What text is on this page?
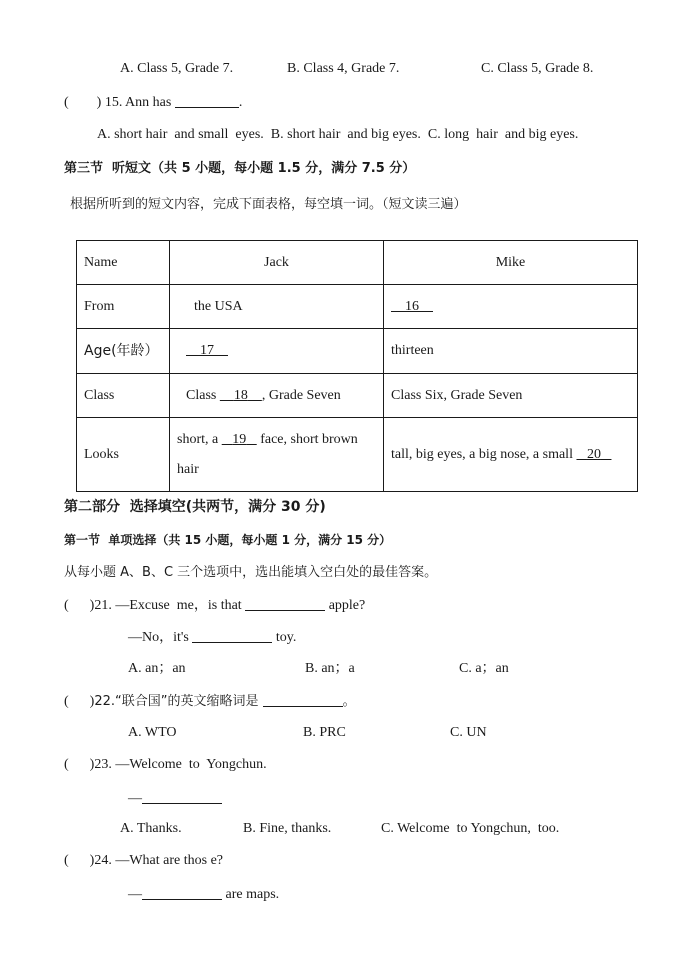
A. Class 5, Grade 7.	B. Class 4, Grade 7.	C. Class 5, Grade 8.
(        ) 15. Ann has	.
A. short hair  and small  eyes.  B. short hair  and big eyes.  C. long  hair  and big eyes.
第三节  听短文（共 5 小题，每小题 1.5 分，满分 7.5 分）
根据所听到的短文内容，完成下面表格，每空填一词。（短文读三遍）
Name	Jack	Mike
From	the USA	16
Age(年龄）	17	thirteen
Class	Class     18 , Grade Seven	Class Six, Grade Seven
Looks	short, a    19    face, short brown hair	tall, big eyes, a big nose, a small    20
第二部分  选择填空(共两节，满分 30 分)
第一节  单项选择（共 15 小题，每小题 1 分，满分 15 分）
从每小题 A、B、C 三个选项中，选出能填入空白处的最佳答案。
(      )21. —Excuse  me，is that	apple?
—No，it's	toy.
A. an；an	B. an；a	C. a；an
(      )22.“联合国”的英文缩略词是	。
A. WTO	B. PRC	C. UN
(      )23. —Welcome  to  Yongchun.
—
A. Thanks.	B. Fine, thanks.	C. Welcome  to Yongchun,  too.
(      )24. —What are thos e?
—	are maps.
